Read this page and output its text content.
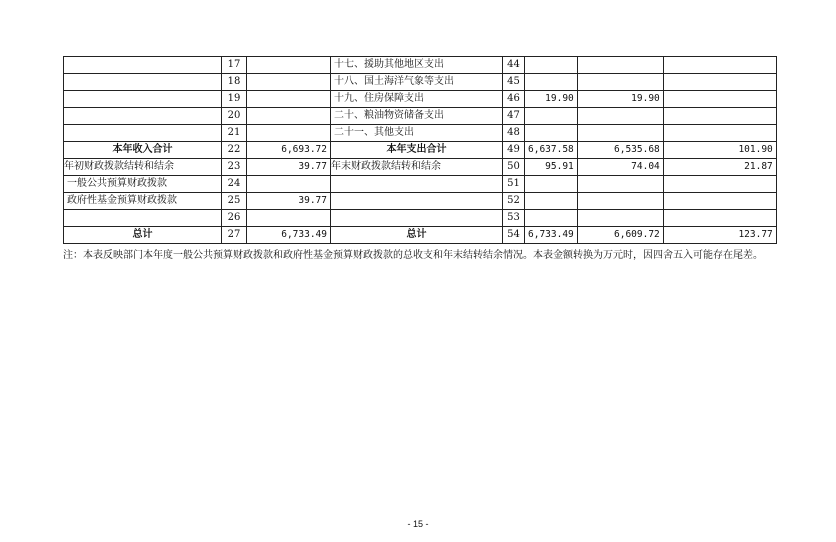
	17		十七、援助其他地区支出	44			
	18		十八、国土海洋气象等支出	45			
	19		十九、住房保障支出	46	19.90	19.90	
	20		二十、粮油物资储备支出	47			
	21		二十一、其他支出	48			
本年收入合计	22	6,693.72	本年支出合计	49	6,637.58	6,535.68	101.90
年初财政拨款结转和结余	23	39.77	年末财政拨款结转和结余	50	95.91	74.04	21.87
一般公共预算财政拨款	24			51			
政府性基金预算财政拨款	25	39.77		52			
	26			53			
总计	27	6,733.49	总计	54	6,733.49	6,609.72	123.77
注：本表反映部门本年度一般公共预算财政拨款和政府性基金预算财政拨款的总收支和年末结转结余情况。本表金额转换为万元时，因四舍五入可能存在尾差。
- 15 -
